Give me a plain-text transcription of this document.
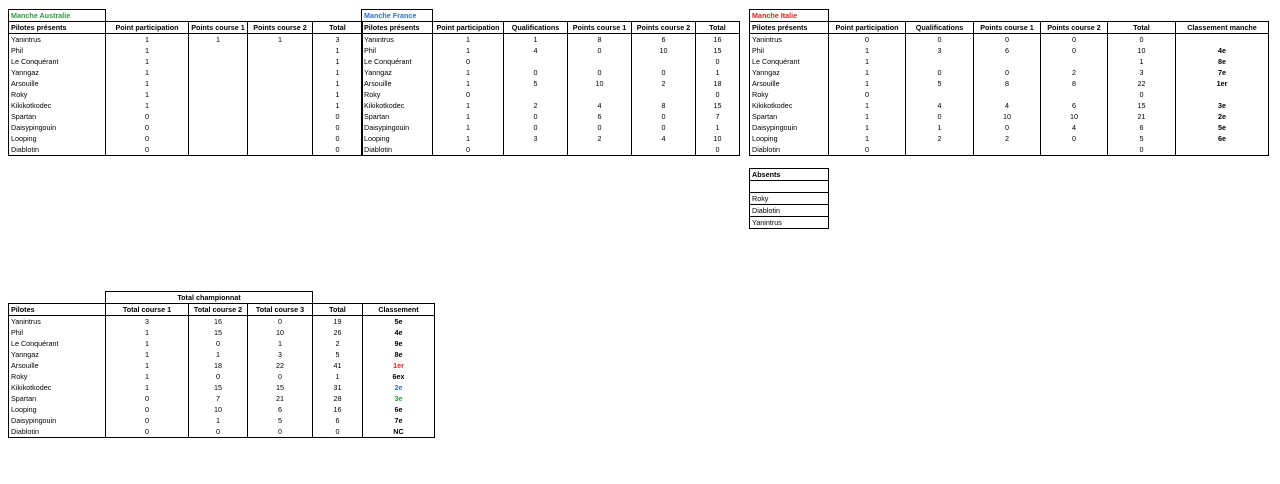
Manche Australie				
Pilotes présents	Point participation	Points course 1	Points course 2	Total
Yanintrus	1	1	1	3
Phil	1			1
Le Conquérant	1			1
Yanngaz	1			1
Arsouille	1			1
Roky	1			1
Kikikotkodec	1			1
Spartan	0			0
Daisypingouin	0			0
Looping	0			0
Diablotin	0			0
Manche France					
Pilotes présents	Point participation	Qualifications	Points course 1	Points course 2	Total
Yanintrus	1	1	8	6	16
Phil	1	4	0	10	15
Le Conquérant	0				0
Yanngaz	1	0	0	0	1
Arsouille	1	5	10	2	18
Roky	0				0
Kikikotkodec	1	2	4	8	15
Spartan	1	0	6	0	7
Daisypingouin	1	0	0	0	1
Looping	1	3	2	4	10
Diablotin	0				0
Manche Italie						
Pilotes présents	Point participation	Qualifications	Points course 1	Points course 2	Total	Classement manche
Yanintrus	0	0	0	0	0	
Phil	1	3	6	0	10	4e
Le Conquérant	1				1	8e
Yanngaz	1	0	0	2	3	7e
Arsouille	1	5	8	8	22	1er
Roky	0				0	
Kikikotkodec	1	4	4	6	15	3e
Spartan	1	0	10	10	21	2e
Daisypingouin	1	1	0	4	6	5e
Looping	1	2	2	0	5	6e
Diablotin	0				0	
Absents

Roky
Diablotin
Yanintrus
	Total championnat				
Pilotes	Total course 1	Total course 2	Total course 3	Total	Classement
Yanintrus	3	16	0	19	5e
Phil	1	15	10	26	4e
Le Conquérant	1	0	1	2	9e
Yanngaz	1	1	3	5	8e
Arsouille	1	18	22	41	1er
Roky	1	0	0	1	6ex
Kikikotkodec	1	15	15	31	2e
Spartan	0	7	21	28	3e
Looping	0	10	6	16	6e
Daisypingouin	0	1	5	6	7e
Diablotin	0	0	0	0	NC
